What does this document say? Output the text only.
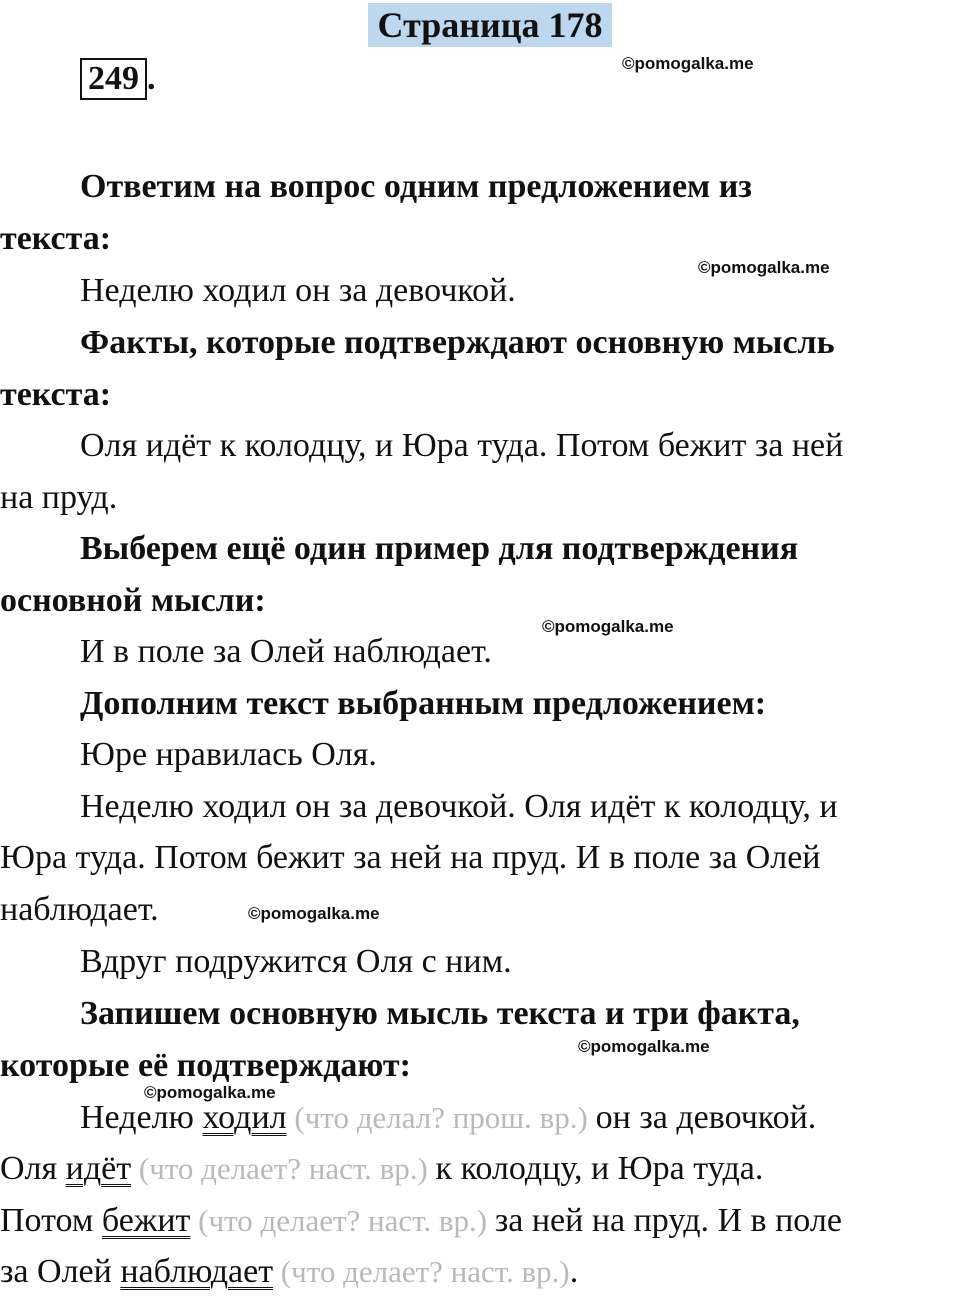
Страница 178
249 .	©pomogalka.me
©pomogalka.me
©pomogalka.me
©pomogalka.me
©pomogalka.me
©pomogalka.me
Ответим на вопрос одним предложением из
текста:
Неделю ходил он за девочкой.
Факты, которые подтверждают основную мысль
текста:
Оля идёт к колодцу, и Юра туда. Потом бежит за ней
на пруд.
Выберем ещё один пример для подтверждения
основной мысли:
И в поле за Олей наблюдает.
Дополним текст выбранным предложением:
Юре нравилась Оля.
Неделю ходил он за девочкой. Оля идёт к колодцу, и
Юра туда. Потом бежит за ней на пруд. И в поле за Олей
наблюдает.
Вдруг подружится Оля с ним.
Запишем основную мысль текста и три факта,
которые её подтверждают:
Неделю ходил (что делал? прош. вр.) он за девочкой.
Оля идёт (что делает? наст. вр.) к колодцу, и Юра туда.
Потом бежит (что делает? наст. вр.) за ней на пруд. И в поле
за Олей наблюдает (что делает? наст. вр.).
